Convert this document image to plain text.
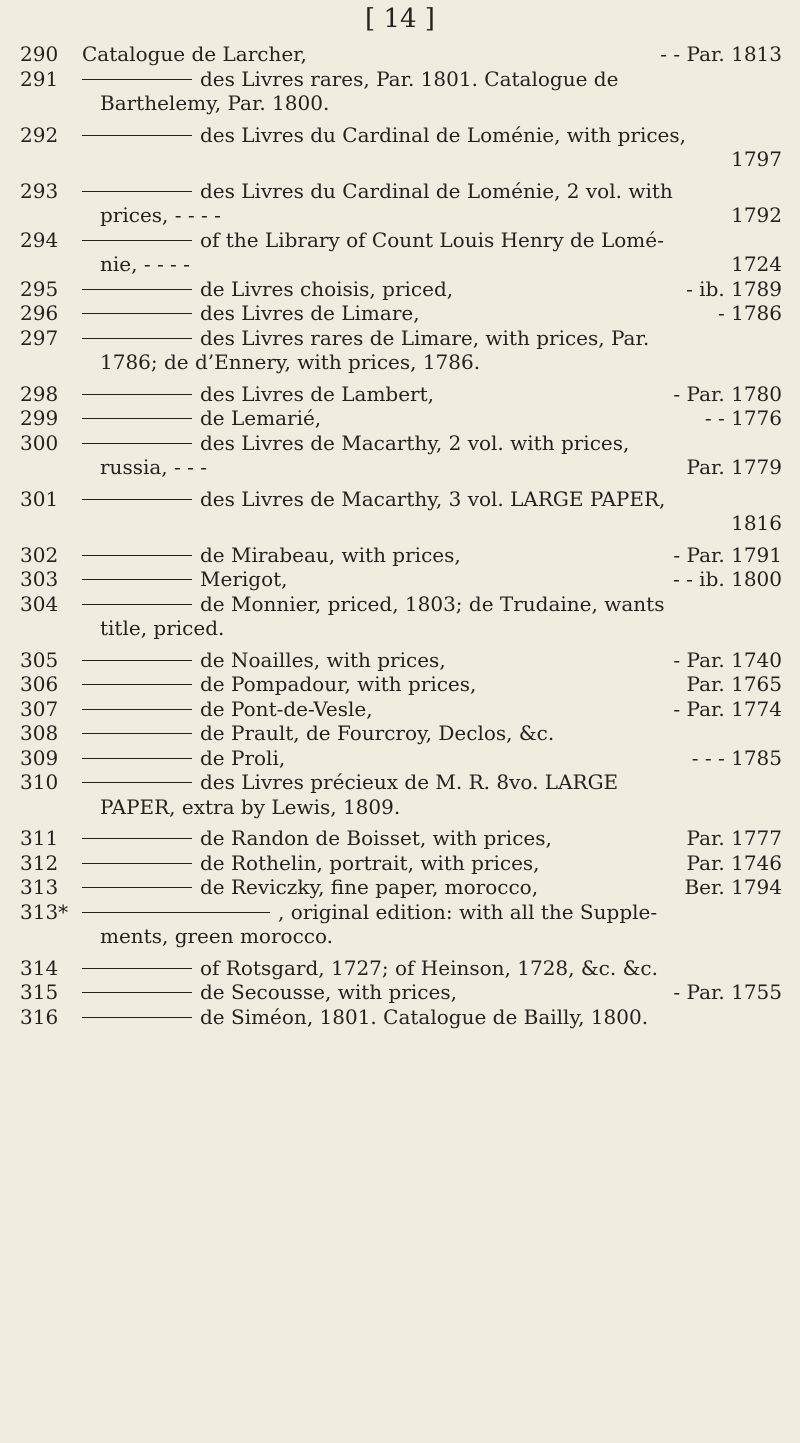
[ 14 ]
290	Catalogue de Larcher,	- - Par. 1813
291	des Livres rares, Par. 1801. Catalogue de
Barthelemy, Par. 1800.
292	des Livres du Cardinal de Loménie, with prices,
1797
293	des Livres du Cardinal de Loménie, 2 vol. with
prices, - - - -	1792
294	of the Library of Count Louis Henry de Lomé-
nie, - - - -	1724
295	de Livres choisis, priced,	- ib. 1789
296	des Livres de Limare,	- 1786
297	des Livres rares de Limare, with prices, Par.
1786; de d’Ennery, with prices, 1786.
298	des Livres de Lambert,	- Par. 1780
299	de Lemarié,	- - 1776
300	des Livres de Macarthy, 2 vol. with prices,
russia, - - -	Par. 1779
301	des Livres de Macarthy, 3 vol. LARGE PAPER,
1816
302	de Mirabeau, with prices,	- Par. 1791
303	Merigot,	- - ib. 1800
304	de Monnier, priced, 1803; de Trudaine, wants
title, priced.
305	de Noailles, with prices,	- Par. 1740
306	de Pompadour, with prices,	Par. 1765
307	de Pont-de-Vesle,	- Par. 1774
308	de Prault, de Fourcroy, Declos, &c.
309	de Proli,	- - - 1785
310	des Livres précieux de M. R. 8vo. LARGE
PAPER, extra by Lewis, 1809.
311	de Randon de Boisset, with prices,	Par. 1777
312	de Rothelin, portrait, with prices,	Par. 1746
313	de Reviczky, fine paper, morocco,	Ber. 1794
313*	, original edition: with all the Supple-
ments, green morocco.
314	of Rotsgard, 1727; of Heinson, 1728, &c. &c.
315	de Secousse, with prices,	- Par. 1755
316	de Siméon, 1801. Catalogue de Bailly, 1800.
